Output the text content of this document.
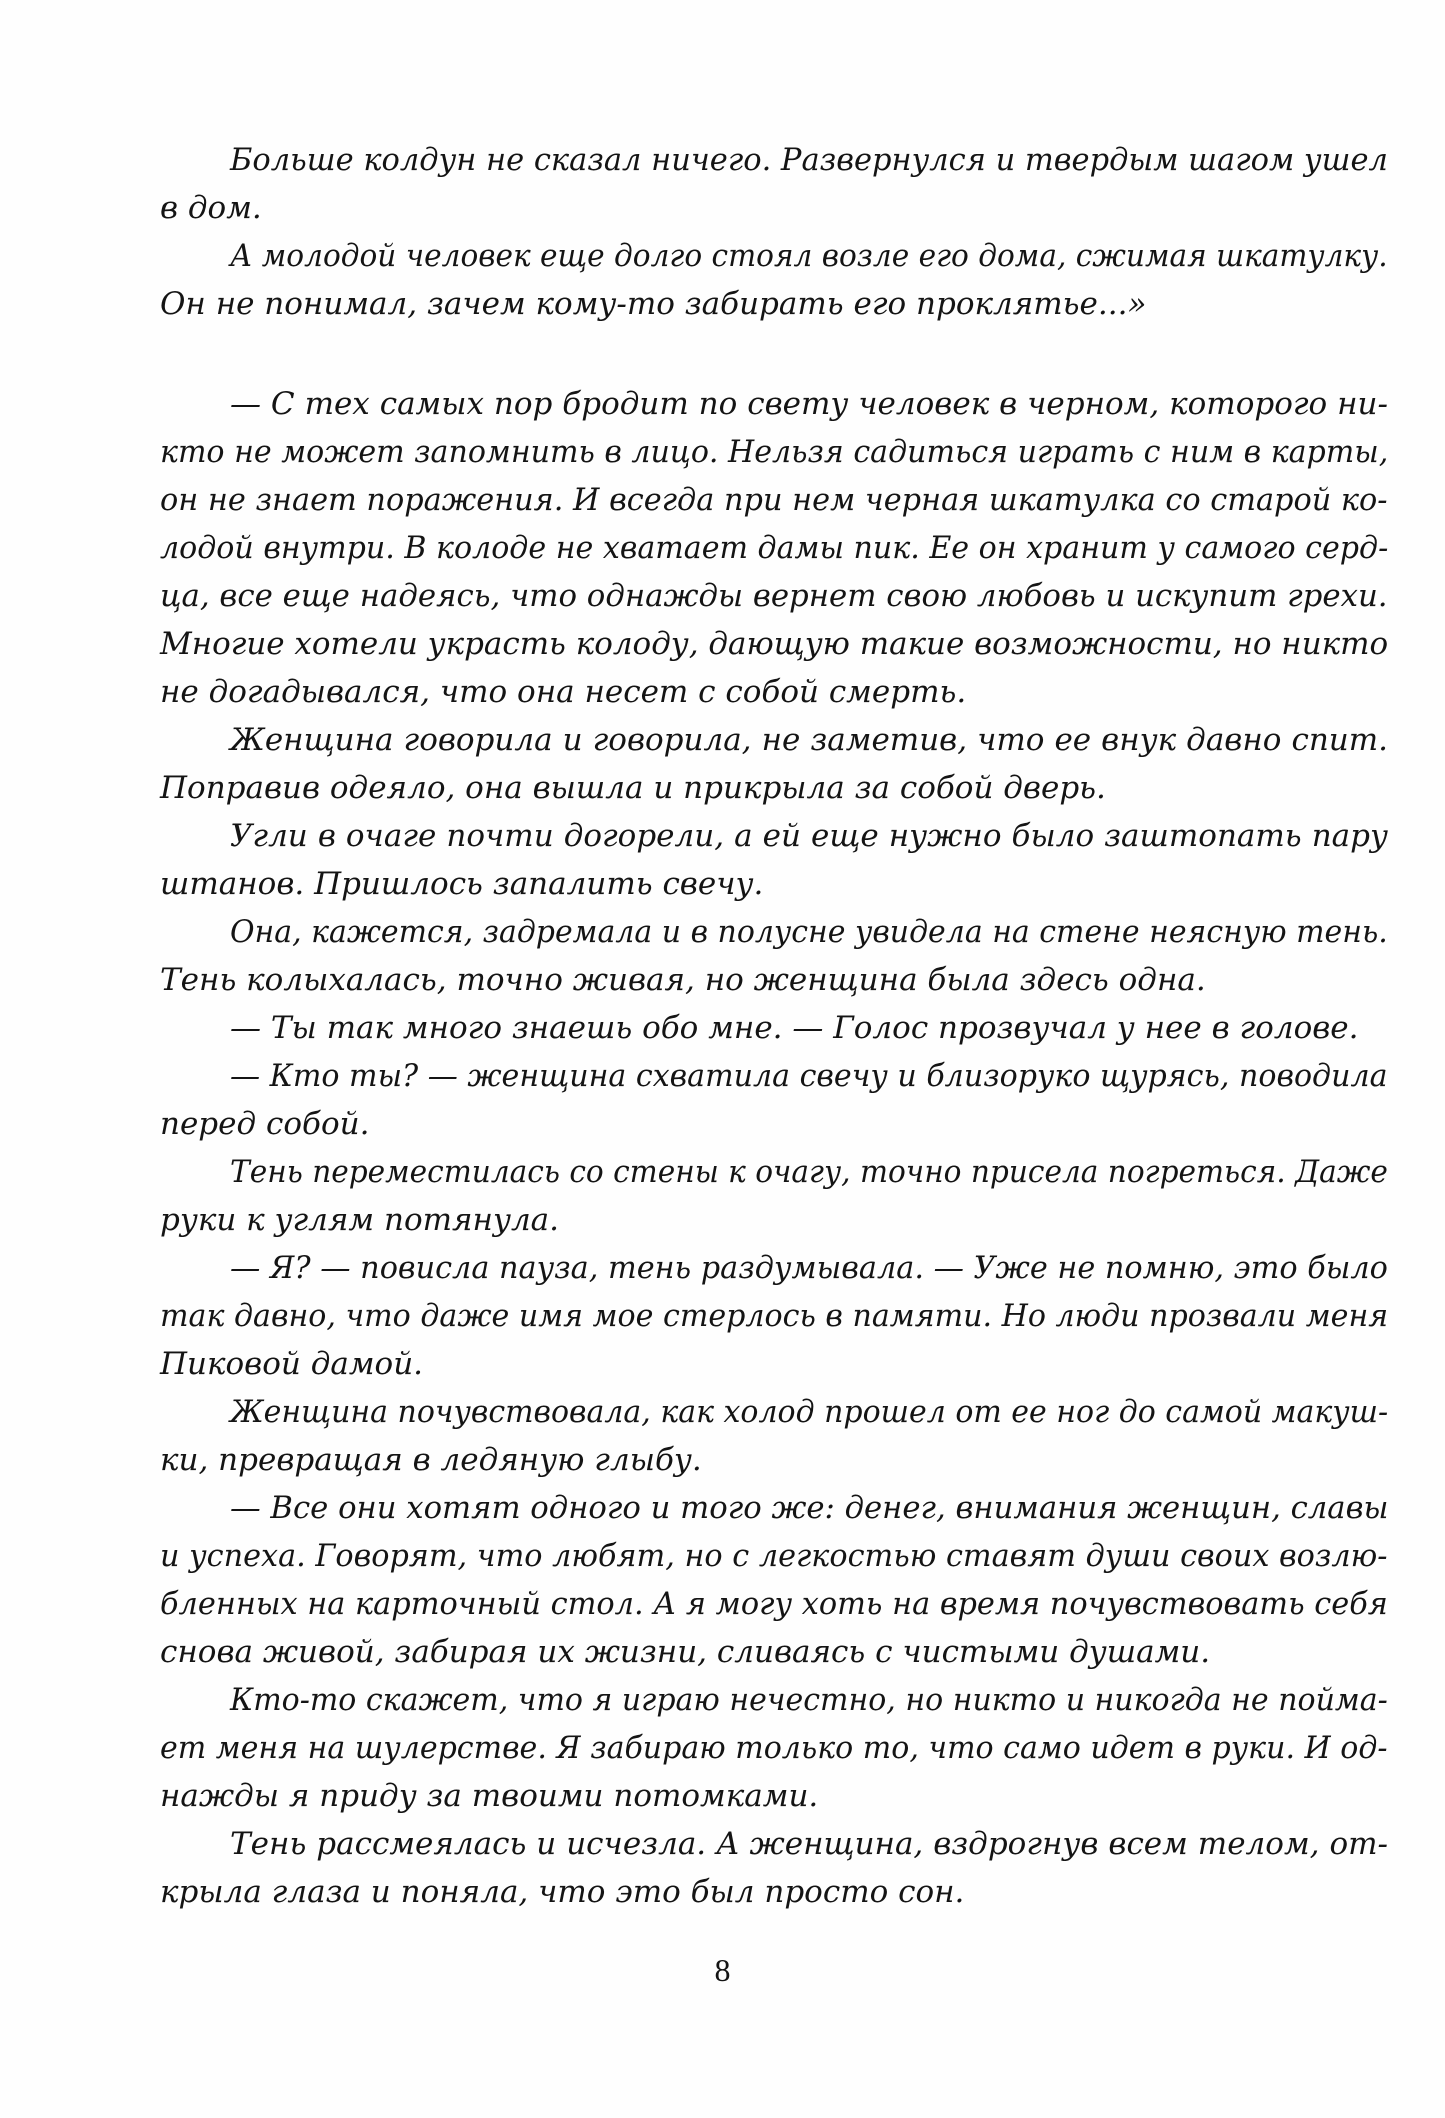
Больше колдун не сказал ничего. Развернулся и твердым шагом ушел
в дом.
А молодой человек еще долго стоял возле его дома, сжимая шкатулку.
Он не понимал, зачем кому-то забирать его проклятье...»
— С тех самых пор бродит по свету человек в черном, которого ни-
кто не может запомнить в лицо. Нельзя садиться играть с ним в карты,
он не знает поражения. И всегда при нем черная шкатулка со старой ко-
лодой внутри. В колоде не хватает дамы пик. Ее он хранит у самого серд-
ца, все еще надеясь, что однажды вернет свою любовь и искупит грехи.
Многие хотели украсть колоду, дающую такие возможности, но никто
не догадывался, что она несет с собой смерть.
Женщина говорила и говорила, не заметив, что ее внук давно спит.
Поправив одеяло, она вышла и прикрыла за собой дверь.
Угли в очаге почти догорели, а ей еще нужно было заштопать пару
штанов. Пришлось запалить свечу.
Она, кажется, задремала и в полусне увидела на стене неясную тень.
Тень колыхалась, точно живая, но женщина была здесь одна.
— Ты так много знаешь обо мне. — Голос прозвучал у нее в голове.
— Кто ты? — женщина схватила свечу и близоруко щурясь, поводила
перед собой.
Тень переместилась со стены к очагу, точно присела погреться. Даже
руки к углям потянула.
— Я? — повисла пауза, тень раздумывала. — Уже не помню, это было
так давно, что даже имя мое стерлось в памяти. Но люди прозвали меня
Пиковой дамой.
Женщина почувствовала, как холод прошел от ее ног до самой макуш-
ки, превращая в ледяную глыбу.
— Все они хотят одного и того же: денег, внимания женщин, славы
и успеха. Говорят, что любят, но с легкостью ставят души своих возлю-
бленных на карточный стол. А я могу хоть на время почувствовать себя
снова живой, забирая их жизни, сливаясь с чистыми душами.
Кто-то скажет, что я играю нечестно, но никто и никогда не пойма-
ет меня на шулерстве. Я забираю только то, что само идет в руки. И од-
нажды я приду за твоими потомками.
Тень рассмеялась и исчезла. А женщина, вздрогнув всем телом, от-
крыла глаза и поняла, что это был просто сон.
8
